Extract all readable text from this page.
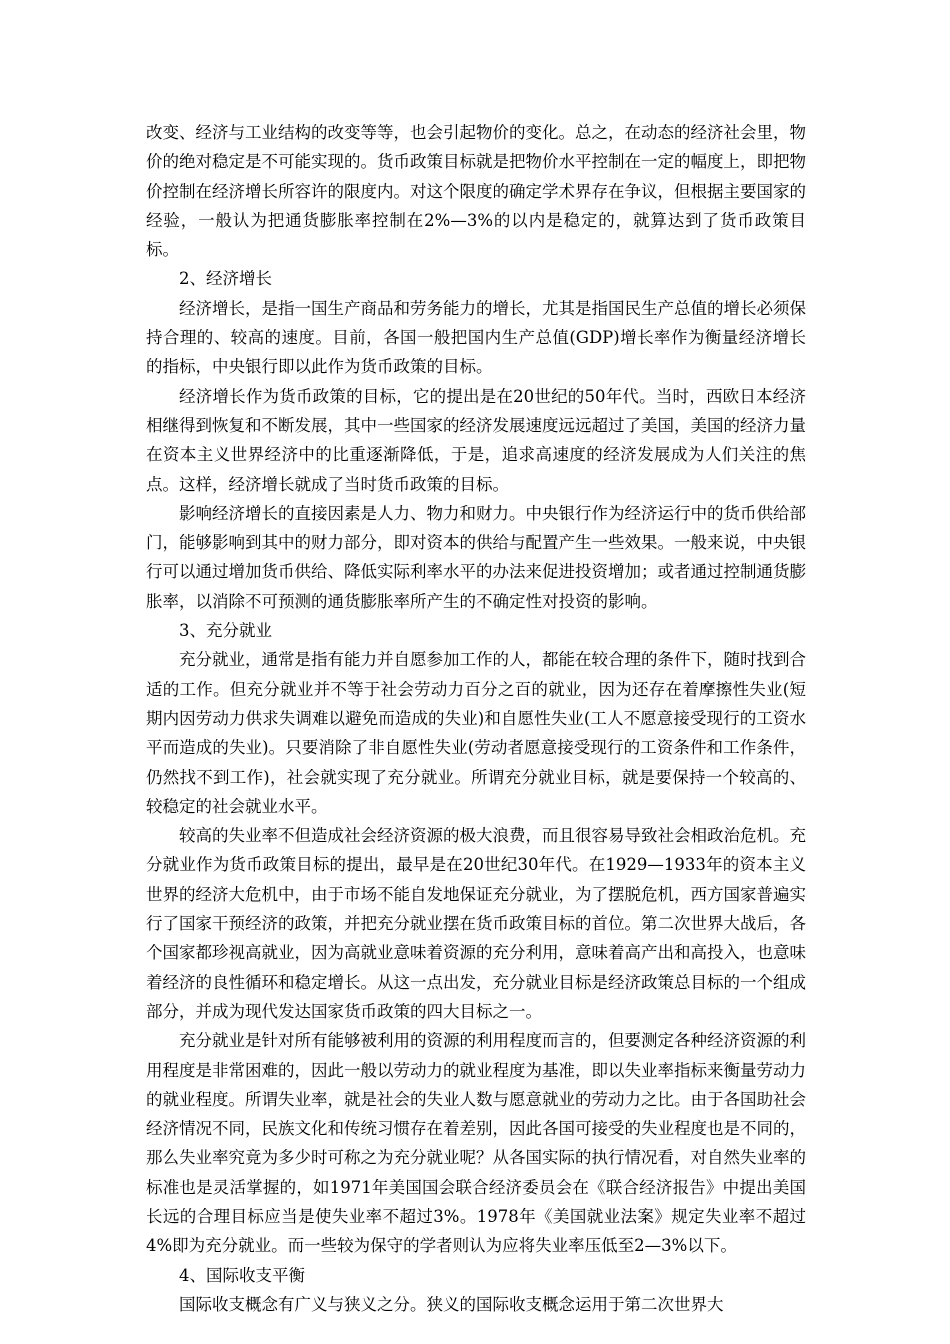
改变、经济与工业结构的改变等等，也会引起物价的变化。总之，在动态的经济社会里，物价的绝对稳定是不可能实现的。货币政策目标就是把物价水平控制在一定的幅度上，即把物价控制在经济增长所容许的限度内。对这个限度的确定学术界存在争议，但根据主要国家的经验，一般认为把通货膨胀率控制在2%—3%的以内是稳定的，就算达到了货币政策目标。

2、经济增长

经济增长，是指一国生产商品和劳务能力的增长，尤其是指国民生产总值的增长必须保持合理的、较高的速度。目前，各国一般把国内生产总值(GDP)增长率作为衡量经济增长的指标，中央银行即以此作为货币政策的目标。

经济增长作为货币政策的目标，它的提出是在20世纪的50年代。当时，西欧日本经济相继得到恢复和不断发展，其中一些国家的经济发展速度远远超过了美国，美国的经济力量在资本主义世界经济中的比重逐渐降低，于是，追求高速度的经济发展成为人们关注的焦点。这样，经济增长就成了当时货币政策的目标。

影响经济增长的直接因素是人力、物力和财力。中央银行作为经济运行中的货币供给部门，能够影响到其中的财力部分，即对资本的供给与配置产生一些效果。一般来说，中央银行可以通过增加货币供给、降低实际利率水平的办法来促进投资增加；或者通过控制通货膨胀率，以消除不可预测的通货膨胀率所产生的不确定性对投资的影响。

3、充分就业

充分就业，通常是指有能力并自愿参加工作的人，都能在较合理的条件下，随时找到合适的工作。但充分就业并不等于社会劳动力百分之百的就业，因为还存在着摩擦性失业(短期内因劳动力供求失调难以避免而造成的失业)和自愿性失业(工人不愿意接受现行的工资水平而造成的失业)。只要消除了非自愿性失业(劳动者愿意接受现行的工资条件和工作条件，仍然找不到工作)，社会就实现了充分就业。所谓充分就业目标，就是要保持一个较高的、较稳定的社会就业水平。

较高的失业率不但造成社会经济资源的极大浪费，而且很容易导致社会相政治危机。充分就业作为货币政策目标的提出，最早是在20世纪30年代。在1929—1933年的资本主义世界的经济大危机中，由于市场不能自发地保证充分就业，为了摆脱危机，西方国家普遍实行了国家干预经济的政策，并把充分就业摆在货币政策目标的首位。第二次世界大战后，各个国家都珍视高就业，因为高就业意味着资源的充分利用，意味着高产出和高投入，也意味着经济的良性循环和稳定增长。从这一点出发，充分就业目标是经济政策总目标的一个组成部分，并成为现代发达国家货币政策的四大目标之一。

充分就业是针对所有能够被利用的资源的利用程度而言的，但要测定各种经济资源的利用程度是非常困难的，因此一般以劳动力的就业程度为基准，即以失业率指标来衡量劳动力的就业程度。所谓失业率，就是社会的失业人数与愿意就业的劳动力之比。由于各国助社会经济情况不同，民族文化和传统习惯存在着差别，因此各国可接受的失业程度也是不同的，那么失业率究竟为多少时可称之为充分就业呢？从各国实际的执行情况看，对自然失业率的标准也是灵活掌握的，如1971年美国国会联合经济委员会在《联合经济报告》中提出美国长远的合理目标应当是使失业率不超过3%。1978年《美国就业法案》规定失业率不超过4%即为充分就业。而一些较为保守的学者则认为应将失业率压低至2—3%以下。

4、国际收支平衡

国际收支概念有广义与狭义之分。狭义的国际收支概念运用于第二次世界大
